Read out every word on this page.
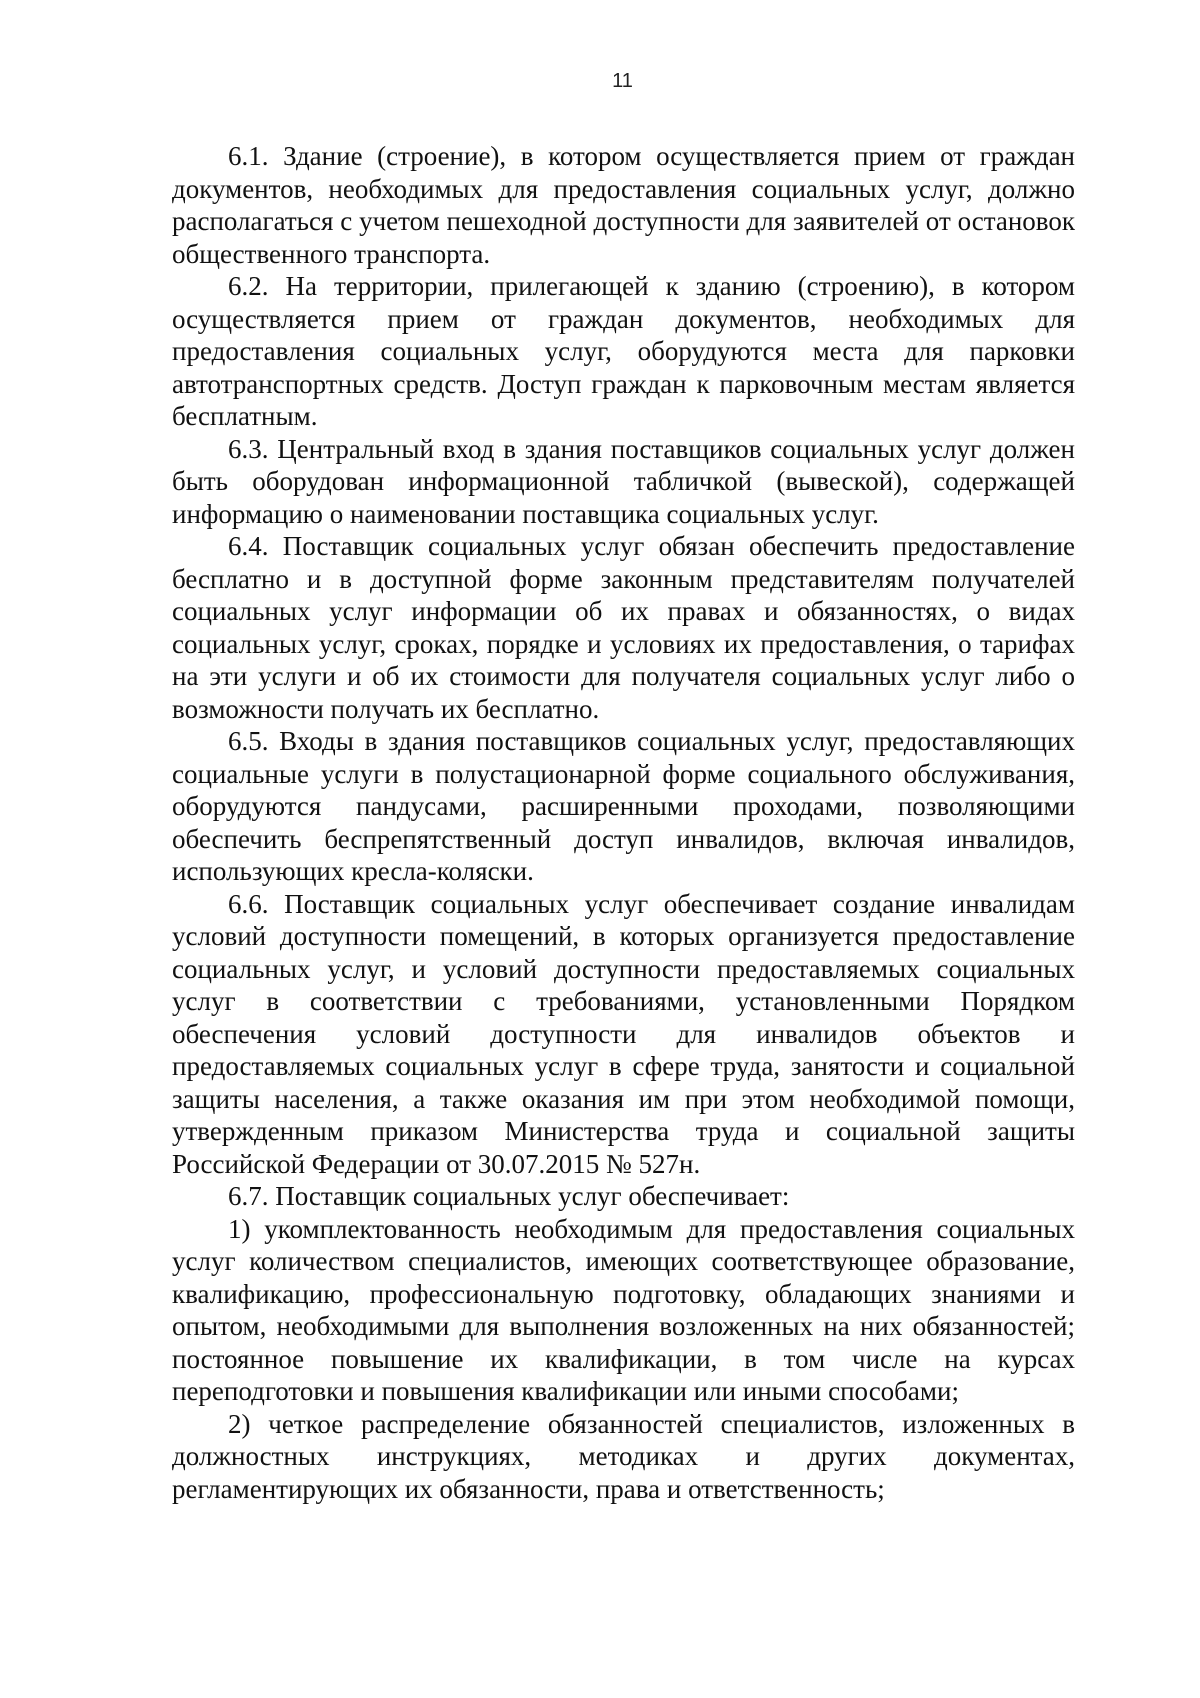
11

6.1. Здание (строение), в котором осуществляется прием от граждан документов, необходимых для предоставления социальных услуг, должно располагаться с учетом пешеходной доступности для заявителей от остановок общественного транспорта.

6.2. На территории, прилегающей к зданию (строению), в котором осуществляется прием от граждан документов, необходимых для предоставления социальных услуг, оборудуются места для парковки автотранспортных средств. Доступ граждан к парковочным местам является бесплатным.

6.3. Центральный вход в здания поставщиков социальных услуг должен быть оборудован информационной табличкой (вывеской), содержащей информацию о наименовании поставщика социальных услуг.

6.4. Поставщик социальных услуг обязан обеспечить предоставление бесплатно и в доступной форме законным представителям получателей социальных услуг информации об их правах и обязанностях, о видах социальных услуг, сроках, порядке и условиях их предоставления, о тарифах на эти услуги и об их стоимости для получателя социальных услуг либо о возможности получать их бесплатно.

6.5. Входы в здания поставщиков социальных услуг, предоставляющих социальные услуги в полустационарной форме социального обслуживания, оборудуются пандусами, расширенными проходами, позволяющими обеспечить беспрепятственный доступ инвалидов, включая инвалидов, использующих кресла-коляски.

6.6. Поставщик социальных услуг обеспечивает создание инвалидам условий доступности помещений, в которых организуется предоставление социальных услуг, и условий доступности предоставляемых социальных услуг в соответствии с требованиями, установленными Порядком обеспечения условий доступности для инвалидов объектов и предоставляемых социальных услуг в сфере труда, занятости и социальной защиты населения, а также оказания им при этом необходимой помощи, утвержденным приказом Министерства труда и социальной защиты Российской Федерации от 30.07.2015 № 527н.

6.7. Поставщик социальных услуг обеспечивает:

1) укомплектованность необходимым для предоставления социальных услуг количеством специалистов, имеющих соответствующее образование, квалификацию, профессиональную подготовку, обладающих знаниями и опытом, необходимыми для выполнения возложенных на них обязанностей; постоянное повышение их квалификации, в том числе на курсах переподготовки и повышения квалификации или иными способами;

2) четкое распределение обязанностей специалистов, изложенных в должностных инструкциях, методиках и других документах, регламентирующих их обязанности, права и ответственность;
